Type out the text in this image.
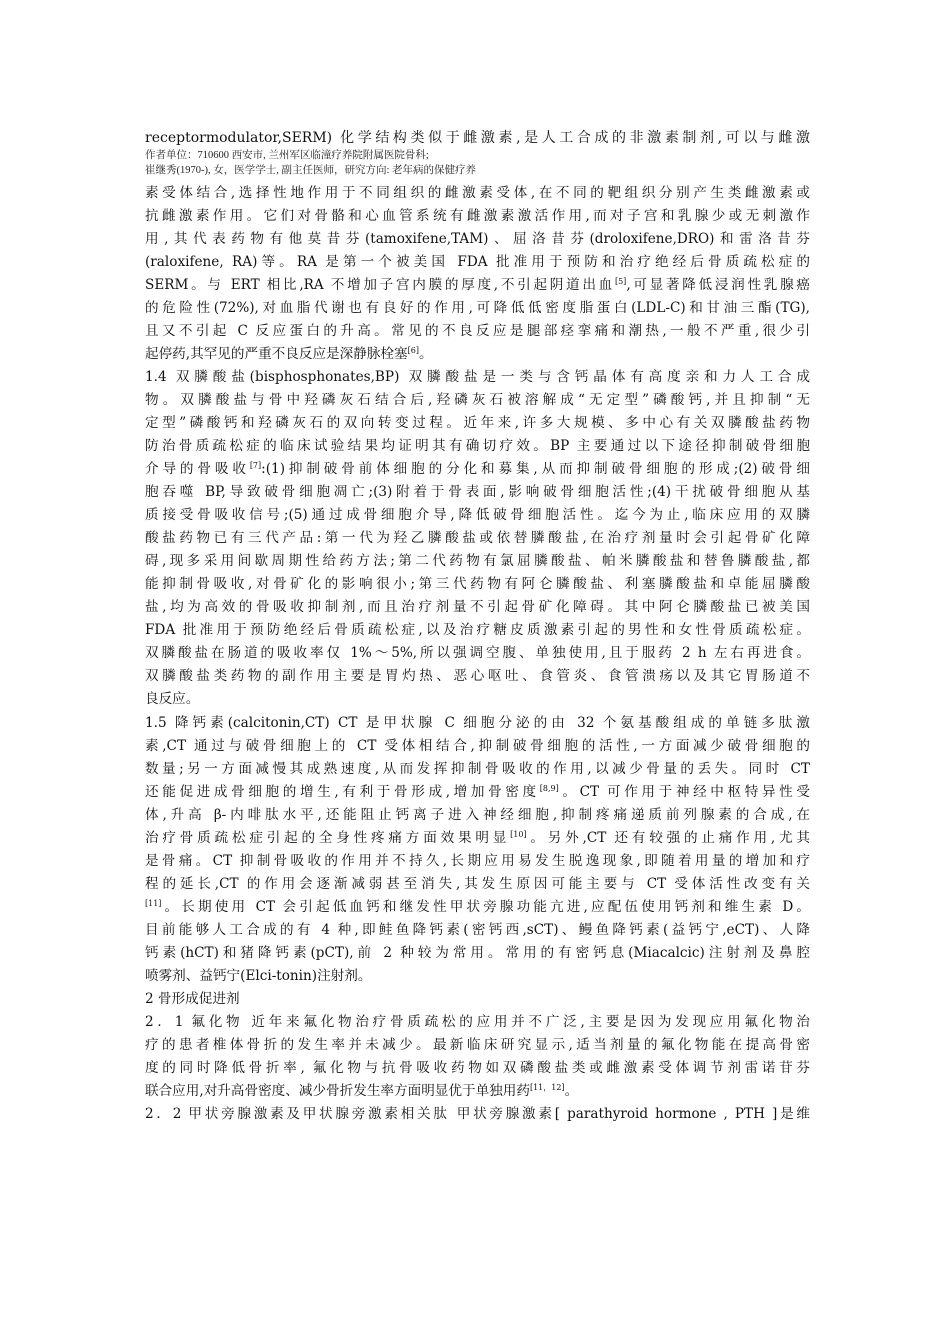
作者单位：710600 西安市, 兰州军区临潼疗养院附属医院骨科;
崔继秀(1970-), 女，医学学士, 副主任医师，研究方向: 老年病的保健疗养
receptormodulator,SERM) 化学结构类似于雌激素,是人工合成的非激素制剂,可以与雌激
素受体结合,选择性地作用于不同组织的雌激素受体,在不同的靶组织分别产生类雌激素或
抗雌激素作用。它们对骨骼和心血管系统有雌激素激活作用,而对子宫和乳腺少或无刺激作
用,其代表药物有他莫昔芬(tamoxifene,TAM)、屈洛昔芬(droloxifene,DRO)和雷洛昔芬
(raloxifene, RA)等。RA 是第一个被美国 FDA 批准用于预防和治疗绝经后骨质疏松症的
SERM。与 ERT 相比,RA 不增加子宫内膜的厚度,不引起阴道出血[5],可显著降低浸润性乳腺癌
的危险性(72%),对血脂代谢也有良好的作用,可降低低密度脂蛋白(LDL-C)和甘油三酯(TG),
且又不引起 C 反应蛋白的升高。常见的不良反应是腿部痉挛痛和潮热,一般不严重,很少引
起停药,其罕见的严重不良反应是深静脉栓塞[6]。
1.4 双膦酸盐(bisphosphonates,BP) 双膦酸盐是一类与含钙晶体有高度亲和力人工合成
物。双膦酸盐与骨中羟磷灰石结合后,羟磷灰石被溶解成“无定型”磷酸钙,并且抑制“无
定型”磷酸钙和羟磷灰石的双向转变过程。近年来,许多大规模、多中心有关双膦酸盐药物
防治骨质疏松症的临床试验结果均证明其有确切疗效。BP 主要通过以下途径抑制破骨细胞
介导的骨吸收[7]:(1)抑制破骨前体细胞的分化和募集,从而抑制破骨细胞的形成;(2)破骨细
胞吞噬 BP,导致破骨细胞凋亡;(3)附着于骨表面,影响破骨细胞活性;(4)干扰破骨细胞从基
质接受骨吸收信号;(5)通过成骨细胞介导,降低破骨细胞活性。迄今为止,临床应用的双膦
酸盐药物已有三代产品:第一代为羟乙膦酸盐或依替膦酸盐,在治疗剂量时会引起骨矿化障
碍,现多采用间歇周期性给药方法;第二代药物有氯屈膦酸盐、帕米膦酸盐和替鲁膦酸盐,都
能抑制骨吸收,对骨矿化的影响很小;第三代药物有阿仑膦酸盐、利塞膦酸盐和卓能屈膦酸
盐,均为高效的骨吸收抑制剂,而且治疗剂量不引起骨矿化障碍。其中阿仑膦酸盐已被美国
FDA 批准用于预防绝经后骨质疏松症,以及治疗糖皮质激素引起的男性和女性骨质疏松症。
双膦酸盐在肠道的吸收率仅 1%～5%,所以强调空腹、单独使用,且于服药 2 h 左右再进食。
双膦酸盐类药物的副作用主要是胃灼热、恶心呕吐、食管炎、食管溃疡以及其它胃肠道不
良反应。
1.5 降钙素(calcitonin,CT) CT 是甲状腺 C 细胞分泌的由 32 个氨基酸组成的单链多肽激
素,CT 通过与破骨细胞上的 CT 受体相结合,抑制破骨细胞的活性,一方面减少破骨细胞的
数量;另一方面减慢其成熟速度,从而发挥抑制骨吸收的作用,以减少骨量的丢失。同时 CT
还能促进成骨细胞的增生,有利于骨形成,增加骨密度[8,9]。CT 可作用于神经中枢特异性受
体,升高 β-内啡肽水平,还能阻止钙离子进入神经细胞,抑制疼痛递质前列腺素的合成,在
治疗骨质疏松症引起的全身性疼痛方面效果明显[10]。另外,CT 还有较强的止痛作用,尤其
是骨痛。CT 抑制骨吸收的作用并不持久,长期应用易发生脱逸现象,即随着用量的增加和疗
程的延长,CT 的作用会逐渐减弱甚至消失,其发生原因可能主要与 CT 受体活性改变有关
[11]。长期使用 CT 会引起低血钙和继发性甲状旁腺功能亢进,应配伍使用钙剂和维生素 D。
目前能够人工合成的有 4 种,即鲑鱼降钙素(密钙西,sCT)、鳗鱼降钙素(益钙宁,eCT)、人降
钙素(hCT)和猪降钙素(pCT),前 2 种较为常用。常用的有密钙息(Miacalcic)注射剂及鼻腔
喷雾剂、益钙宁(Elci-tonin)注射剂。
2 骨形成促进剂
2．1 氟化物 近年来氟化物治疗骨质疏松的应用并不广泛,主要是因为发现应用氟化物治
疗的患者椎体骨折的发生率并未减少。最新临床研究显示,适当剂量的氟化物能在提高骨密
度的同时降低骨折率, 氟化物与抗骨吸收药物如双磷酸盐类或雌激素受体调节剂雷诺苷芬
联合应用,对升高骨密度、减少骨折发生率方面明显优于单独用药[11，12]。
2．2 甲状旁腺激素及甲状腺旁激素相关肽 甲状旁腺激素[ parathyroid hormone , PTH ]是维
